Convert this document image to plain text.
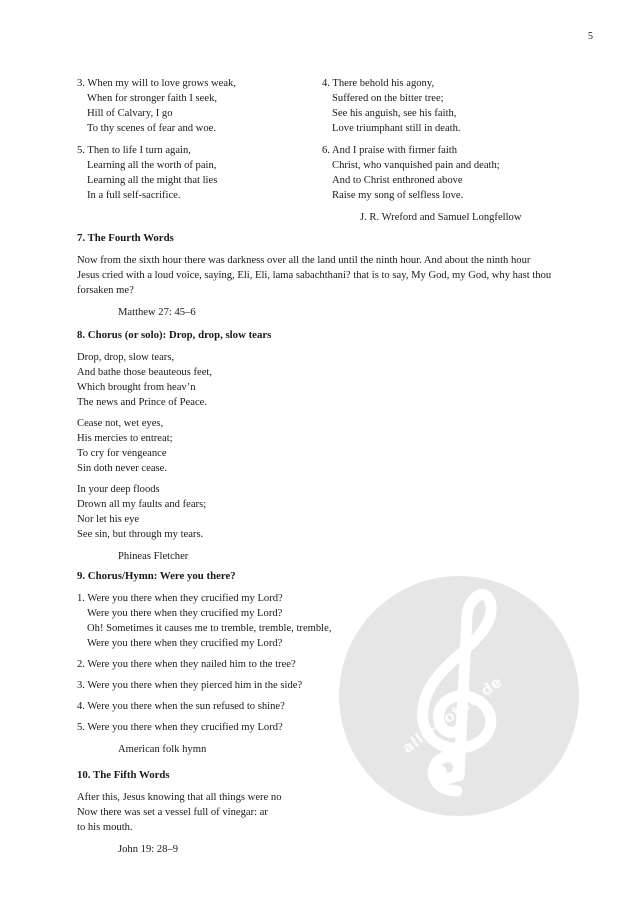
5
alle-noten.de
3. When my will to love grows weak,
When for stronger faith I seek,
Hill of Calvary, I go
To thy scenes of fear and woe.
5. Then to life I turn again,
Learning all the worth of pain,
Learning all the might that lies
In a full self-sacrifice.
4. There behold his agony,
Suffered on the bitter tree;
See his anguish, see his faith,
Love triumphant still in death.
6. And I praise with firmer faith
Christ, who vanquished pain and death;
And to Christ enthroned above
Raise my song of selfless love.
J. R. Wreford and Samuel Longfellow
7. The Fourth Words
Now from the sixth hour there was darkness over all the land until the ninth hour. And about the ninth hour
Jesus cried with a loud voice, saying, Eli, Eli, lama sabachthani? that is to say, My God, my God, why hast thou
forsaken me?
Matthew 27: 45–6
8. Chorus (or solo): Drop, drop, slow tears
Drop, drop, slow tears,
And bathe those beauteous feet,
Which brought from heav’n
The news and Prince of Peace.
Cease not, wet eyes,
His mercies to entreat;
To cry for vengeance
Sin doth never cease.
In your deep floods
Drown all my faults and fears;
Nor let his eye
See sin, but through my tears.
Phineas Fletcher
9. Chorus/Hymn: Were you there?
1. Were you there when they crucified my Lord?
Were you there when they crucified my Lord?
Oh! Sometimes it causes me to tremble, tremble, tremble,
Were you there when they crucified my Lord?
2. Were you there when they nailed him to the tree?
3. Were you there when they pierced him in the side?
4. Were you there when the sun refused to shine?
5. Were you there when they crucified my Lord?
American folk hymn
10. The Fifth Words
After this, Jesus knowing that all things were no
Now there was set a vessel full of vinegar: ar
to his mouth.
John 19: 28–9
